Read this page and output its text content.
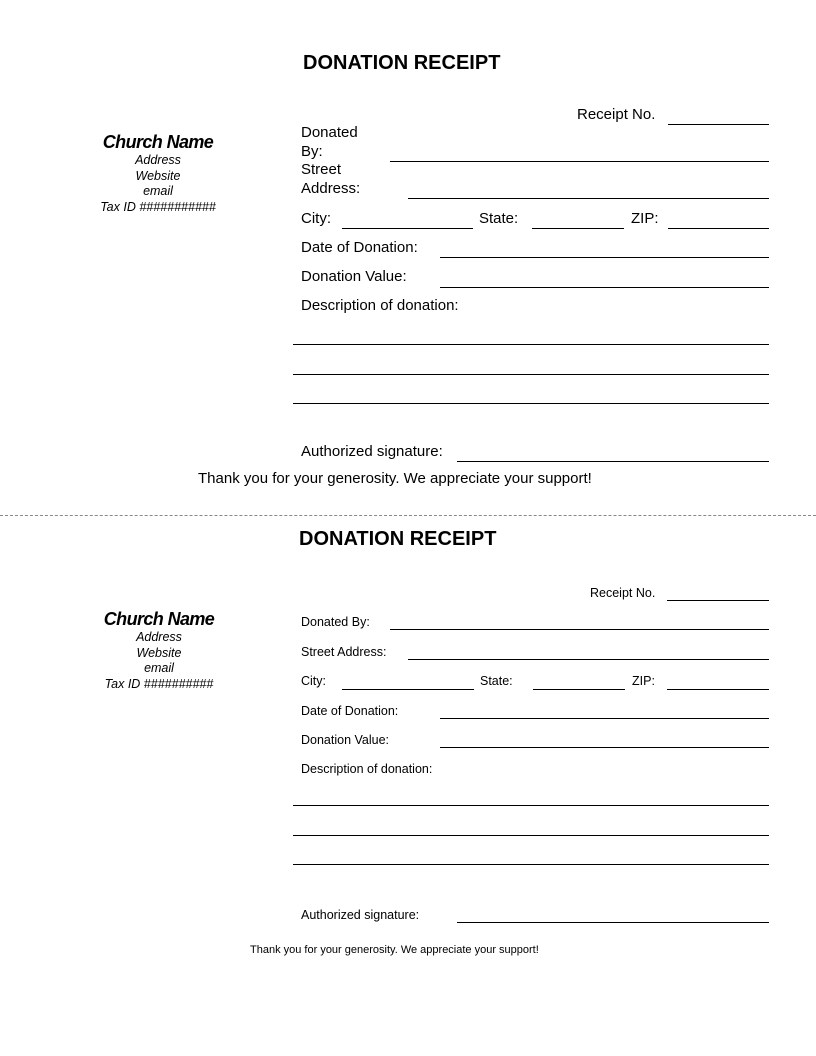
DONATION RECEIPT
Church Name
Address
Website
email
Tax ID ###########
Receipt No.
Donated
By:
Street
Address:
City:	State:	ZIP:
Date of Donation:
Donation Value:
Description of donation:
Authorized signature:
Thank you for your generosity. We appreciate your support!
DONATION RECEIPT
Church Name
Address
Website
email
Tax ID ##########
Receipt No.
Donated By:
Street Address:
City:	State:	ZIP:
Date of Donation:
Donation Value:
Description of donation:
Authorized signature:
Thank you for your generosity. We appreciate your support!
